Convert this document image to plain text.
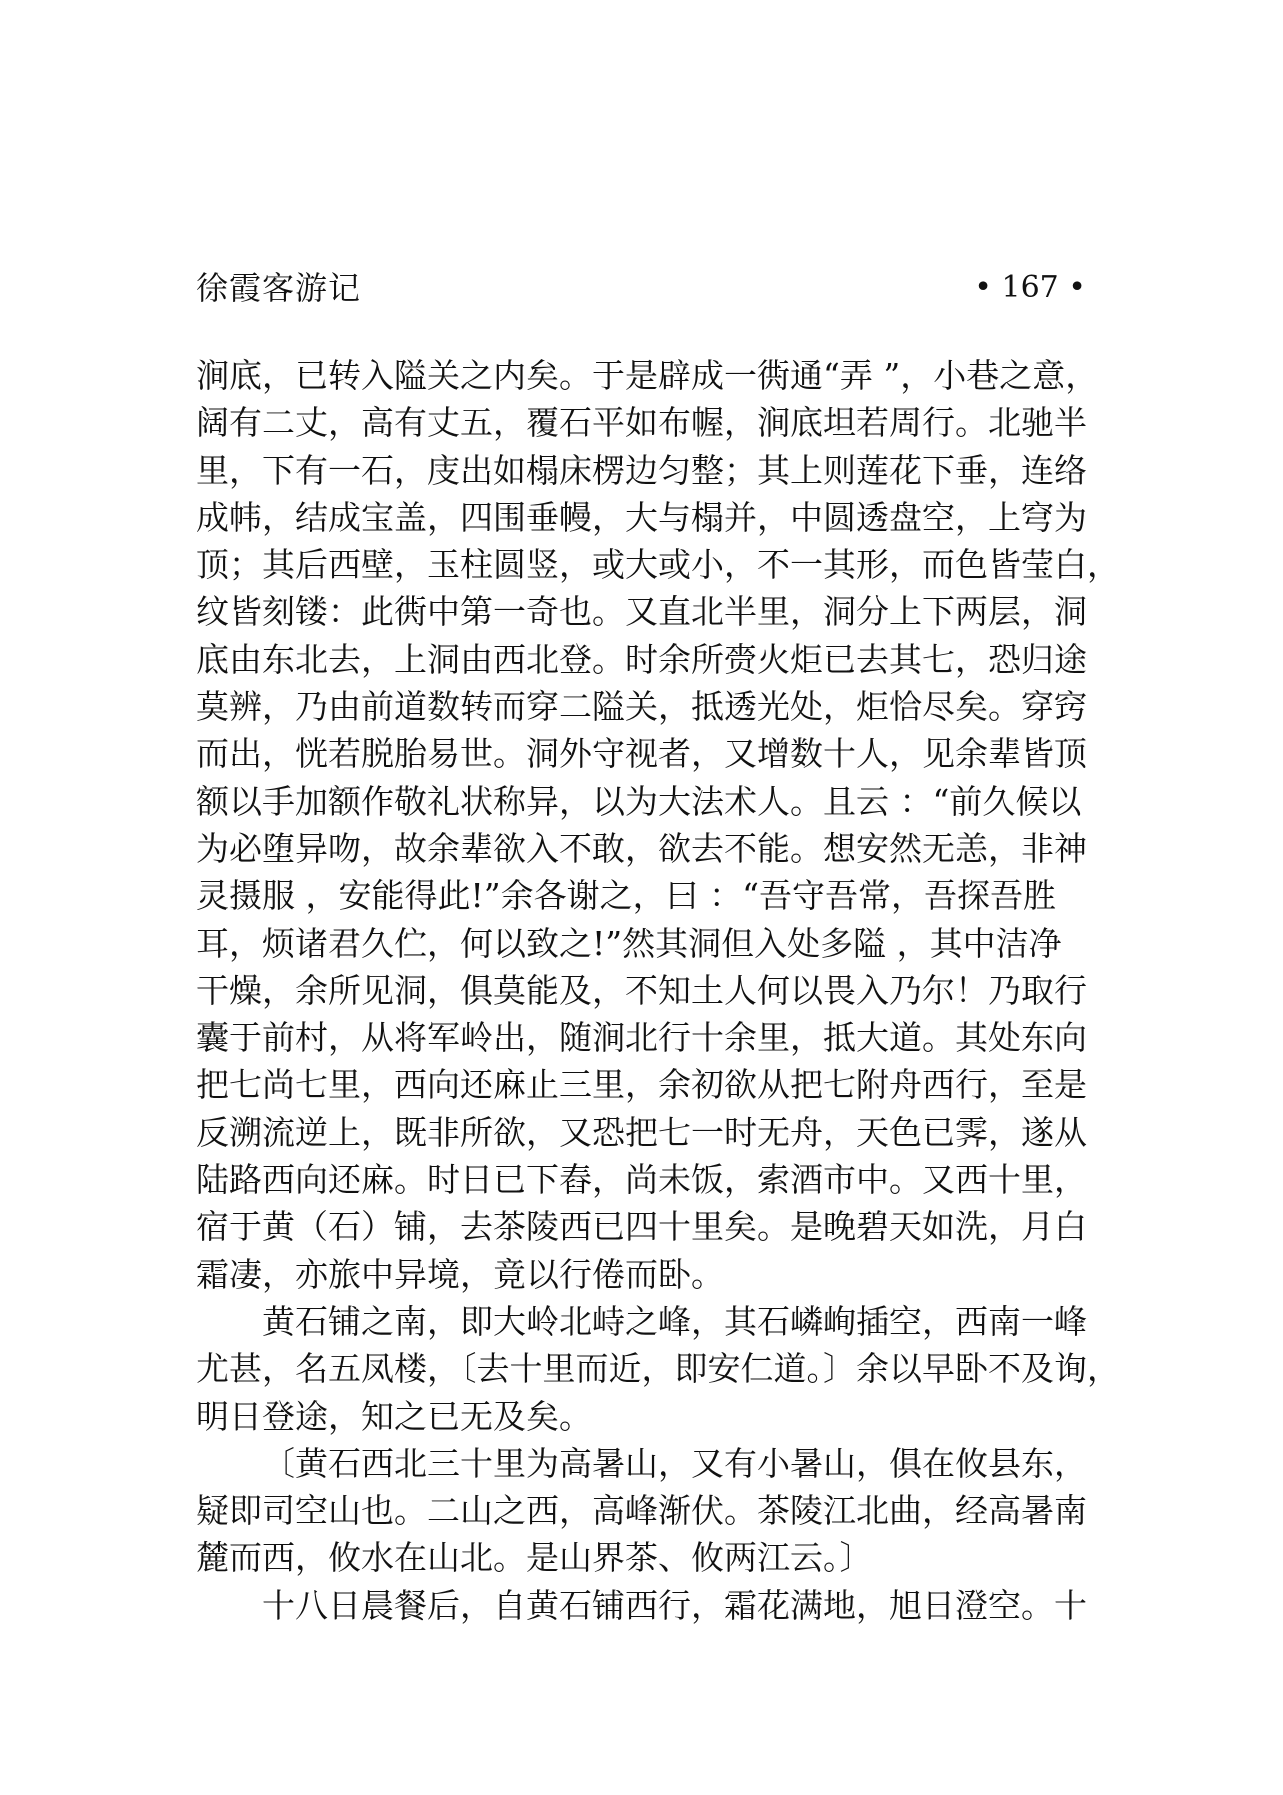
徐霞客游记	• 167 •
涧底，已转入隘关之内矣。于是辟成一衖通“弄 ”，小巷之意，
阔有二丈，高有丈五，覆石平如布幄，涧底坦若周行。北驰半
里，下有一石，庋出如榻床楞边匀整；其上则莲花下垂，连络
成帏，结成宝盖，四围垂幔，大与榻并，中圆透盘空，上穹为
顶；其后西壁，玉柱圆竖，或大或小，不一其形，而色皆莹白，
纹皆刻镂：此衖中第一奇也。又直北半里，洞分上下两层，洞
底由东北去，上洞由西北登。时余所赍火炬已去其七，恐归途
莫辨，乃由前道数转而穿二隘关，抵透光处，炬恰尽矣。穿窍
而出，恍若脱胎易世。洞外守视者，又增数十人，见余辈皆顶
额以手加额作敬礼状称异，以为大法术人。且云 ：“前久候以
为必堕异吻，故余辈欲入不敢，欲去不能。想安然无恙，非神
灵摄服 ，安能得此!”余各谢之，曰 ：“吾守吾常，吾探吾胜
耳，烦诸君久伫，何以致之!”然其洞但入处多隘 ，其中洁净
干燥，余所见洞，俱莫能及，不知土人何以畏入乃尔！乃取行
囊于前村，从将军岭出，随涧北行十余里，抵大道。其处东向
把七尚七里，西向还麻止三里，余初欲从把七附舟西行，至是
反溯流逆上，既非所欲，又恐把七一时无舟，天色已霁，遂从
陆路西向还麻。时日已下舂，尚未饭，索酒市中。又西十里，
宿于黄（石）铺，去茶陵西已四十里矣。是晚碧天如洗，月白
霜凄，亦旅中异境，竟以行倦而卧。
黄石铺之南，即大岭北峙之峰，其石嶙峋插空，西南一峰
尤甚，名五凤楼，〔去十里而近，即安仁道。〕余以早卧不及询，
明日登途，知之已无及矣。
〔黄石西北三十里为高暑山，又有小暑山，俱在攸县东，
疑即司空山也。二山之西，高峰渐伏。茶陵江北曲，经高暑南
麓而西，攸水在山北。是山界茶、攸两江云。〕
十八日晨餐后，自黄石铺西行，霜花满地，旭日澄空。十
